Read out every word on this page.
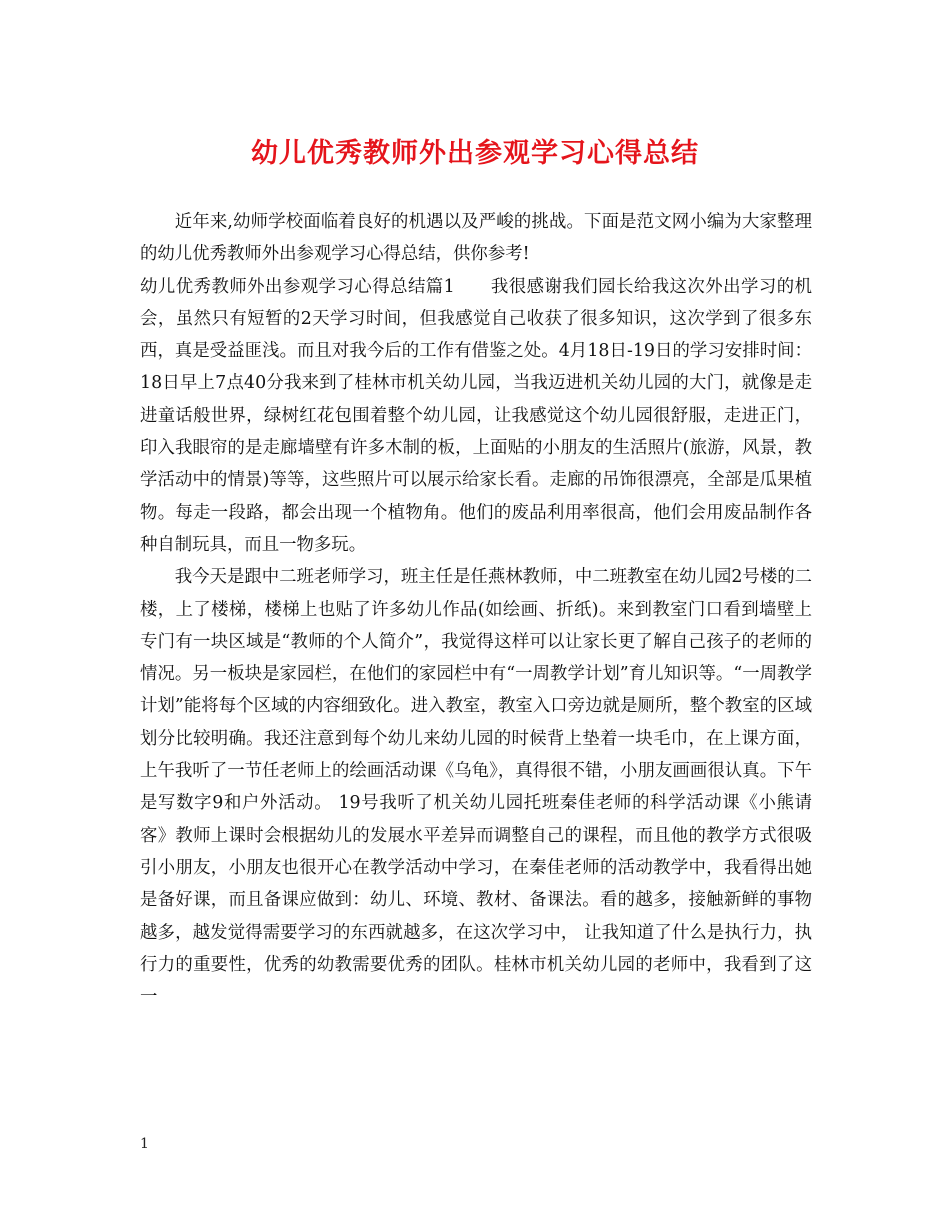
幼儿优秀教师外出参观学习心得总结

近年来,幼师学校面临着良好的机遇以及严峻的挑战。下面是范文网小编为大家整理的幼儿优秀教师外出参观学习心得总结，供你参考!

幼儿优秀教师外出参观学习心得总结篇1　　我很感谢我们园长给我这次外出学习的机会，虽然只有短暂的2天学习时间，但我感觉自己收获了很多知识，这次学到了很多东西，真是受益匪浅。而且对我今后的工作有借鉴之处。4月18日-19日的学习安排时间：18日早上7点40分我来到了桂林市机关幼儿园，当我迈进机关幼儿园的大门，就像是走进童话般世界，绿树红花包围着整个幼儿园，让我感觉这个幼儿园很舒服，走进正门，印入我眼帘的是走廊墙壁有许多木制的板，上面贴的小朋友的生活照片(旅游，风景，教学活动中的情景)等等，这些照片可以展示给家长看。走廊的吊饰很漂亮，全部是瓜果植物。每走一段路，都会出现一个植物角。他们的废品利用率很高，他们会用废品制作各种自制玩具，而且一物多玩。

我今天是跟中二班老师学习，班主任是任燕林教师，中二班教室在幼儿园2号楼的二楼，上了楼梯，楼梯上也贴了许多幼儿作品(如绘画、折纸)。来到教室门口看到墙壁上专门有一块区域是“教师的个人简介”，我觉得这样可以让家长更了解自己孩子的老师的情况。另一板块是家园栏，在他们的家园栏中有“一周教学计划”育儿知识等。“一周教学计划”能将每个区域的内容细致化。进入教室，教室入口旁边就是厕所，整个教室的区域划分比较明确。我还注意到每个幼儿来幼儿园的时候背上垫着一块毛巾，在上课方面，上午我听了一节任老师上的绘画活动课《乌龟》，真得很不错，小朋友画画很认真。下午是写数字9和户外活动。 19号我听了机关幼儿园托班秦佳老师的科学活动课《小熊请客》教师上课时会根据幼儿的发展水平差异而调整自己的课程，而且他的教学方式很吸引小朋友，小朋友也很开心在教学活动中学习，在秦佳老师的活动教学中，我看得出她是备好课，而且备课应做到：幼儿、环境、教材、备课法。看的越多，接触新鲜的事物越多，越发觉得需要学习的东西就越多，在这次学习中， 让我知道了什么是执行力，执行力的重要性，优秀的幼教需要优秀的团队。桂林市机关幼儿园的老师中，我看到了这一

1
